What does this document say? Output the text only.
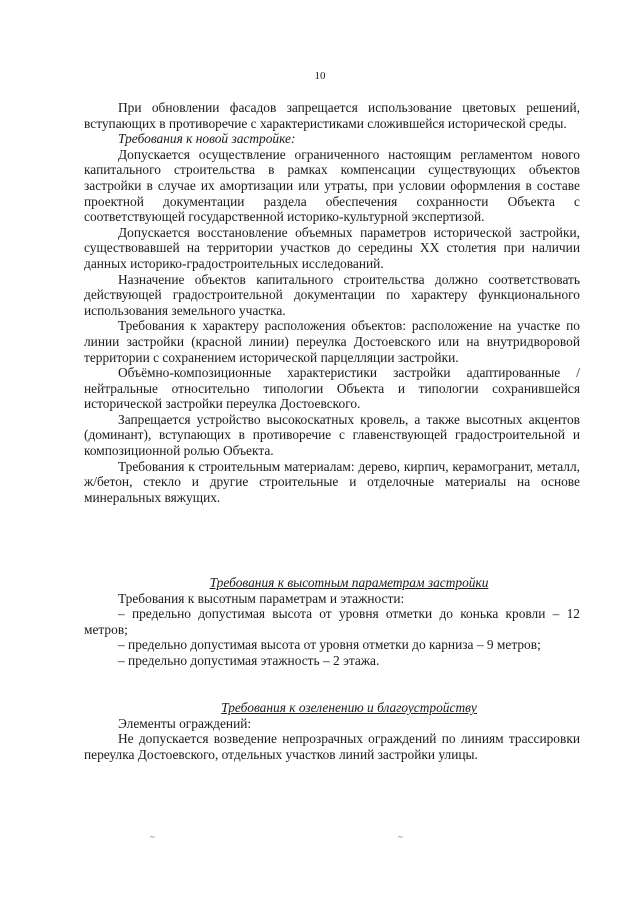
10

При обновлении фасадов запрещается использование цветовых решений, вступающих в противоречие с характеристиками сложившейся исторической среды.

Требования к новой застройке:

Допускается осуществление ограниченного настоящим регламентом нового капитального строительства в рамках компенсации существующих объектов застройки в случае их амортизации или утраты, при условии оформления в составе проектной документации раздела обеспечения сохранности Объекта с соответствующей государственной историко-культурной экспертизой.

Допускается восстановление объемных параметров исторической застройки, существовавшей на территории участков до середины ХХ столетия при наличии данных историко-градостроительных исследований.

Назначение объектов капитального строительства должно соответствовать действующей градостроительной документации по характеру функционального использования земельного участка.

Требования к характеру расположения объектов: расположение на участке по линии застройки (красной линии) переулка Достоевского или на внутридворовой территории с сохранением исторической парцелляции застройки.

Объёмно-композиционные характеристики застройки адаптированные /нейтральные относительно типологии Объекта и типологии сохранившейся исторической застройки переулка Достоевского.

Запрещается устройство высокоскатных кровель, а также высотных акцентов (доминант), вступающих в противоречие с главенствующей градостроительной и композиционной ролью Объекта.

Требования к строительным материалам: дерево, кирпич, керамогранит, металл, ж/бетон, стекло и другие строительные и отделочные материалы на основе минеральных вяжущих.

Требования к высотным параметрам застройки

Требования к высотным параметрам и этажности:

– предельно допустимая высота от уровня отметки до конька кровли – 12 метров;

– предельно допустимая высота от уровня отметки до карниза – 9 метров;

– предельно допустимая этажность – 2 этажа.

Требования к озеленению и благоустройству

Элементы ограждений:

Не допускается возведение непрозрачных ограждений по линиям трассировки переулка Достоевского, отдельных участков линий застройки улицы.

~	~
